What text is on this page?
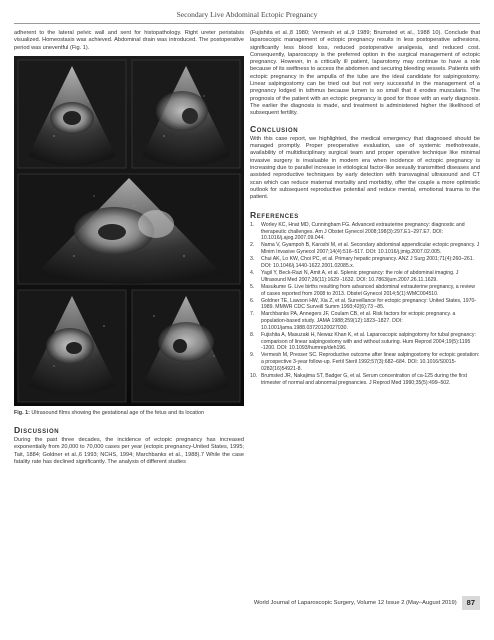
Secondary Live Abdominal Ectopic Pregnancy

adherent to the lateral pelvic wall and sent for histopathology. Right ureter peristalsis visualized. Homeostasis was achieved. Abdominal drain was introduced. The postoperative period was uneventful (Fig. 1).

Fig. 1: Ultrasound films showing the gestational age of the fetus and its location

Discussion

During the past three decades, the incidence of ectopic pregnancy has increased exponentially from 20,000 to 70,000 cases per year (ectopic pregnancy-United States, 1995; Tait, 1884; Goldner et al.,6 1993; NCHS, 1994; Marchbanks et al., 1988).7 While the case fatality rate has declined significantly. The analysis of different studies

(Fujishita et al.,8 1980; Vermesh et al.,9 1989; Brumsted et al., 1988 10). Conclude that laparoscopic management of ectopic pregnancy results in less postoperative adhesions, significantly less blood loss, reduced postoperative analgesia, and reduced cost. Consequently, laparoscopy is the preferred option in the surgical management of ectopic pregnancy. However, in a critically ill patient, laparotomy may continue to have a role because of its swiftness to access the abdomen and securing bleeding vessels. Patients with ectopic pregnancy in the ampulla of the tube are the ideal candidate for salpingostomy. Linear salpingostomy can be tried out but not very successful in the management of a pregnancy lodged in isthmus because lumen is so small that it erodes muscularis. The prognosis of the patient with an ectopic pregnancy is good for those with an early diagnosis. The earlier the diagnosis is made, and treatment is administered higher the likelihood of subsequent fertility.

Conclusion

With this case report, we highlighted, the medical emergency that diagnosed should be managed promptly. Proper preoperative evaluation, use of systemic methotrexate, availability of multidisciplinary surgical team and proper operative technique like minimal invasive surgery is invaluable in modern era when incidence of ectopic pregnancy is increasing due to parallel increase in etiological factor-like sexually transmitted diseases and assisted reproductive techniques by early detection with transvaginal ultrasound and CT scan which can reduce maternal mortality and morbidity, offer the couple a more optimistic outlook for subsequent reproductive potential and reduce mental, emotional trauma to the patient.

References
1. Worley KC, Hnat MD, Cunningham FG. Advanced extrauterine pregnancy: diagnostic and therapeutic challenges. Am J Obstet Gynecol 2008;198(3):297.E1–297.E7. DOI: 10.1016/j.ajog.2007.09.044.
2. Nama V, Gyampoh B, Karoshi M, et al. Secondary abdominal appendicular ectopic pregnancy. J Minim Invasive Gynecol 2007;14(4):516–517. DOI: 10.1016/j.jmig.2007.02.005.
3. Chui AK, Lo KW, Choi PC, et al. Primary hepatic pregnancy. ANZ J Surg 2001;71(4):260–261. DOI: 10.1046/j.1440-1622.2001.02085.x.
4. Yagil Y, Beck-Razi N, Amit A, et al. Splenic pregnancy: the role of abdominal imaging. J Ultrasound Med 2007;26(11):1629 -1632. DOI: 10.7863/jum.2007.26.11.1629.
5. Masukume G. Live births resulting from advanced abdominal extrauterine pregnancy, a review of cases reported from 2008 to 2013. Obstet Gynecol 2014;5(1):WMC004510.
6. Goldner TE, Lawson HW, Xia Z, et al. Surveillance for ectopic pregnancy: United States, 1970-1989. MMWR CDC Surveill Summ 1993;42(6):73 –85.
7. Marchbanks PA, Annegers JF, Coulam CB, et al. Risk factors for ectopic pregnancy. a population-based study. JAMA 1988;259(12):1823–1827. DOI: 10.1001/jama.1988.03720120027030.
8. Fujishita A, Masuzaki H, Newaz Khan K, et al. Laparoscopic salpingotomy for tubal pregnancy: comparison of linear salpingostomy with and without suturing. Hum Reprod 2004;19(5):1195 -1200. DOI: 10.1093/humrep/deh196.
9. Vermesh M, Presser SC. Reproductive outcome after linear salpingostomy for ectopic gestation: a prospective 3-year follow-up. Fertil Steril 1992;57(3):682–684. DOI: 10.1016/S0015-0282(16)54921-8.
10. Brumsted JR, Nakajima ST, Badger G, et al. Serum concentration of ca-125 during the first trimester of normal and abnormal pregnancies. J Reprod Med 1990;35(5):499–502.
World Journal of Laparoscopic Surgery, Volume 12 Issue 2 (May–August 2019)	87
